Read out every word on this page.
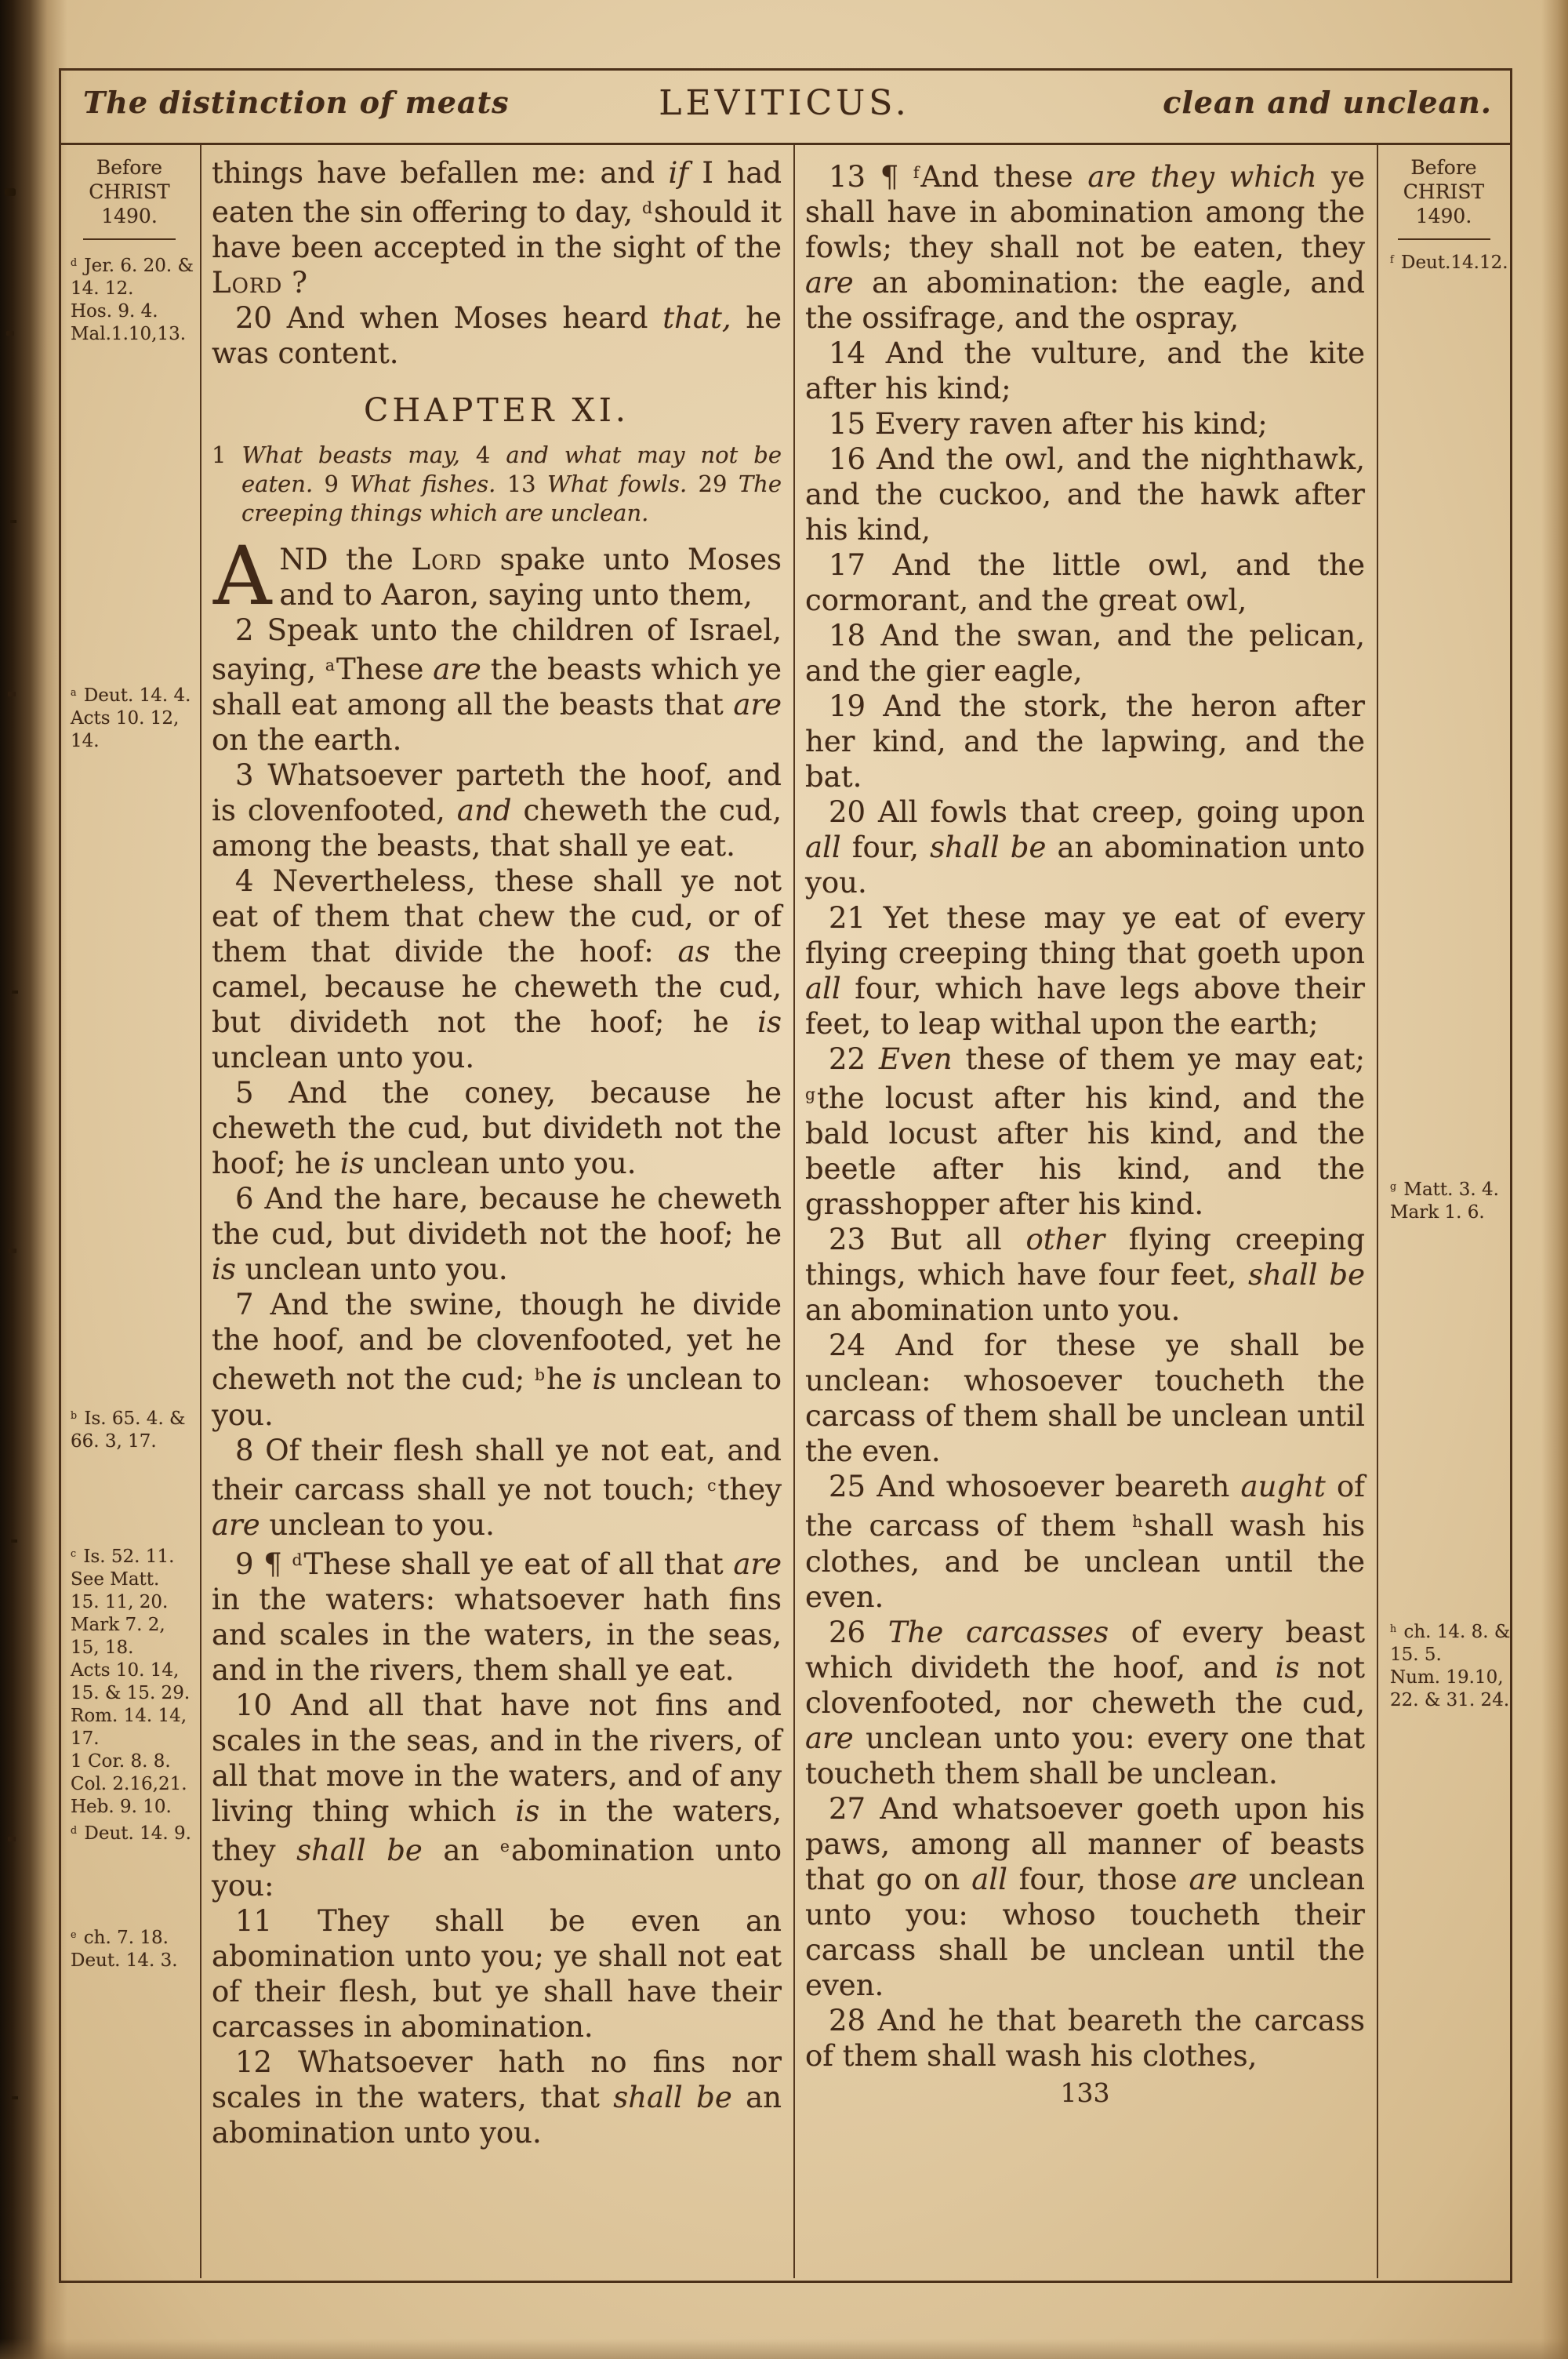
The distinction of meats	LEVITICUS.	clean and unclean.
Before
CHRIST
1490.
$^d$ Jer. 6. 20. &
14. 12.
Hos. 9. 4.
Mal.1.10,13.
$^a$ Deut. 14. 4.
Acts 10. 12,
14.
$^b$ Is. 65. 4. &
66. 3, 17.
$^c$ Is. 52. 11.
See Matt.
15. 11, 20.
Mark 7. 2,
15, 18.
Acts 10. 14,
15. & 15. 29.
Rom. 14. 14,
17.
1 Cor. 8. 8.
Col. 2.16,21.
Heb. 9. 10.
$^d$ Deut. 14. 9.
$^e$ ch. 7. 18.
Deut. 14. 3.

things have befallen me: and if I had eaten the sin offering to day, $^d$should it have been accepted in the sight of the Lord ?

20 And when Moses heard that, he was content.

CHAPTER XI.

1 What beasts may, 4 and what may not be eaten. 9 What fishes. 13 What fowls. 29 The creeping things which are unclean.

AND the Lord spake unto Moses and to Aaron, saying unto them,

2 Speak unto the children of Israel, saying, $^a$These are the beasts which ye shall eat among all the beasts that are on the earth.

3 Whatsoever parteth the hoof, and is clovenfooted, and cheweth the cud, among the beasts, that shall ye eat.

4 Nevertheless, these shall ye not eat of them that chew the cud, or of them that divide the hoof: as the camel, because he cheweth the cud, but divideth not the hoof; he is unclean unto you.

5 And the coney, because he cheweth the cud, but divideth not the hoof; he is unclean unto you.

6 And the hare, because he cheweth the cud, but divideth not the hoof; he is unclean unto you.

7 And the swine, though he divide the hoof, and be clovenfooted, yet he cheweth not the cud; $^b$he is unclean to you.

8 Of their flesh shall ye not eat, and their carcass shall ye not touch; $^c$they are unclean to you.

9 ¶ $^d$These shall ye eat of all that are in the waters: whatsoever hath fins and scales in the waters, in the seas, and in the rivers, them shall ye eat.

10 And all that have not fins and scales in the seas, and in the rivers, of all that move in the waters, and of any living thing which is in the waters, they shall be an $^e$abomination unto you:

11 They shall be even an abomination unto you; ye shall not eat of their flesh, but ye shall have their carcasses in abomination.

12 Whatsoever hath no fins nor scales in the waters, that shall be an abomination unto you.

13 ¶ $^f$And these are they which ye shall have in abomination among the fowls; they shall not be eaten, they are an abomination: the eagle, and the ossifrage, and the ospray,

14 And the vulture, and the kite after his kind;

15 Every raven after his kind;

16 And the owl, and the nighthawk, and the cuckoo, and the hawk after his kind,

17 And the little owl, and the cormorant, and the great owl,

18 And the swan, and the pelican, and the gier eagle,

19 And the stork, the heron after her kind, and the lapwing, and the bat.

20 All fowls that creep, going upon all four, shall be an abomination unto you.

21 Yet these may ye eat of every flying creeping thing that goeth upon all four, which have legs above their feet, to leap withal upon the earth;

22 Even these of them ye may eat; $^g$the locust after his kind, and the bald locust after his kind, and the beetle after his kind, and the grasshopper after his kind.

23 But all other flying creeping things, which have four feet, shall be an abomination unto you.

24 And for these ye shall be unclean: whosoever toucheth the carcass of them shall be unclean until the even.

25 And whosoever beareth aught of the carcass of them $^h$shall wash his clothes, and be unclean until the even.

26 The carcasses of every beast which divideth the hoof, and is not clovenfooted, nor cheweth the cud, are unclean unto you: every one that toucheth them shall be unclean.

27 And whatsoever goeth upon his paws, among all manner of beasts that go on all four, those are unclean unto you: whoso toucheth their carcass shall be unclean until the even.

28 And he that beareth the carcass of them shall wash his clothes,

133
Before
CHRIST
1490.
$^f$ Deut.14.12.
$^g$ Matt. 3. 4.
Mark 1. 6.
$^h$ ch. 14. 8. &
15. 5.
Num. 19.10,
22. & 31. 24.
